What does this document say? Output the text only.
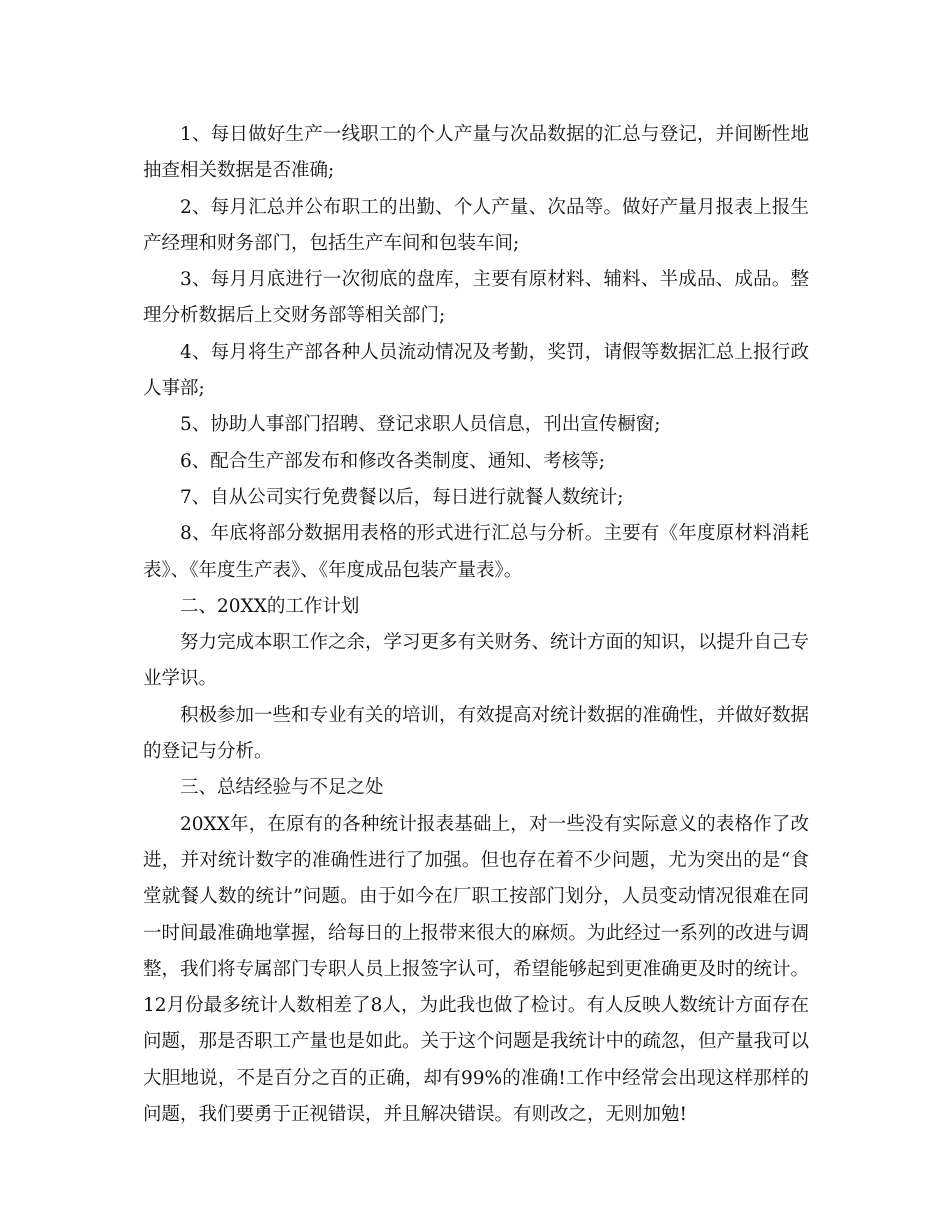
1、每日做好生产一线职工的个人产量与次品数据的汇总与登记，并间断性地抽查相关数据是否准确;

2、每月汇总并公布职工的出勤、个人产量、次品等。做好产量月报表上报生产经理和财务部门，包括生产车间和包装车间;

3、每月月底进行一次彻底的盘库，主要有原材料、辅料、半成品、成品。整理分析数据后上交财务部等相关部门;

4、每月将生产部各种人员流动情况及考勤，奖罚，请假等数据汇总上报行政人事部;

5、协助人事部门招聘、登记求职人员信息，刊出宣传橱窗;

6、配合生产部发布和修改各类制度、通知、考核等;

7、自从公司实行免费餐以后，每日进行就餐人数统计;

8、年底将部分数据用表格的形式进行汇总与分析。主要有《年度原材料消耗表》、《年度生产表》、《年度成品包装产量表》。

二、20XX的工作计划

努力完成本职工作之余，学习更多有关财务、统计方面的知识，以提升自己专业学识。

积极参加一些和专业有关的培训，有效提高对统计数据的准确性，并做好数据的登记与分析。

三、总结经验与不足之处

20XX年，在原有的各种统计报表基础上，对一些没有实际意义的表格作了改进，并对统计数字的准确性进行了加强。但也存在着不少问题，尤为突出的是“食堂就餐人数的统计”问题。由于如今在厂职工按部门划分，人员变动情况很难在同一时间最准确地掌握，给每日的上报带来很大的麻烦。为此经过一系列的改进与调整，我们将专属部门专职人员上报签字认可，希望能够起到更准确更及时的统计。12月份最多统计人数相差了8人，为此我也做了检讨。有人反映人数统计方面存在问题，那是否职工产量也是如此。关于这个问题是我统计中的疏忽，但产量我可以大胆地说，不是百分之百的正确，却有99%的准确!工作中经常会出现这样那样的问题，我们要勇于正视错误，并且解决错误。有则改之，无则加勉!
